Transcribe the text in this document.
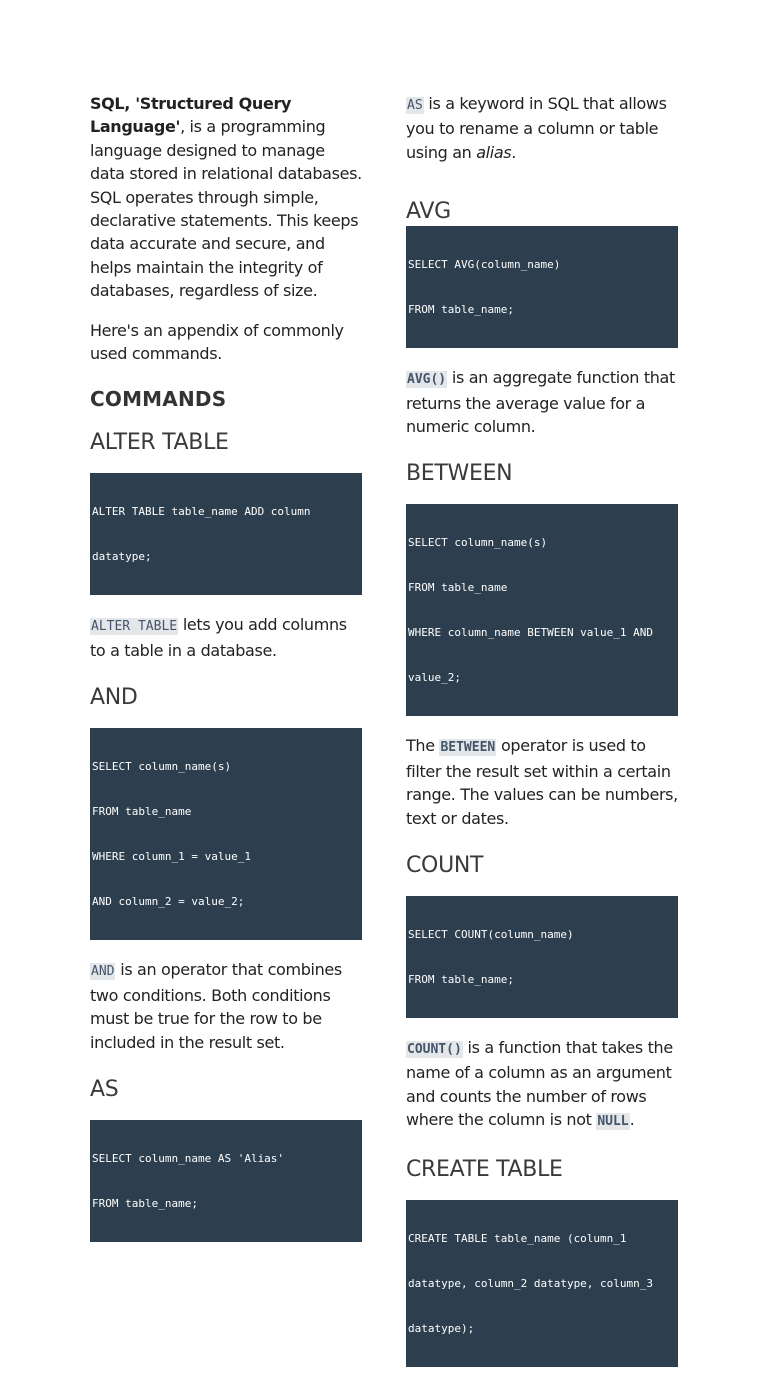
SQL, 'Structured Query Language', is a programming language designed to manage data stored in relational databases. SQL operates through simple, declarative statements. This keeps data accurate and secure, and helps maintain the integrity of databases, regardless of size.

Here's an appendix of commonly used commands.

COMMANDS
ALTER TABLE

ALTER TABLE table_name ADD column

datatype;

ALTER TABLE lets you add columns to a table in a database.

AND

SELECT column_name(s)

FROM table_name

WHERE column_1 = value_1

AND column_2 = value_2;

AND is an operator that combines two conditions. Both conditions must be true for the row to be included in the result set.

AS

SELECT column_name AS 'Alias'

FROM table_name;

AS is a keyword in SQL that allows you to rename a column or table using an alias.

AVG

SELECT AVG(column_name)

FROM table_name;

AVG() is an aggregate function that returns the average value for a numeric column.

BETWEEN

SELECT column_name(s)

FROM table_name

WHERE column_name BETWEEN value_1 AND

value_2;

The BETWEEN operator is used to filter the result set within a certain range. The values can be numbers, text or dates.

COUNT

SELECT COUNT(column_name)

FROM table_name;

COUNT() is a function that takes the name of a column as an argument and counts the number of rows where the column is not NULL.

CREATE TABLE

CREATE TABLE table_name (column_1

datatype, column_2 datatype, column_3

datatype);
